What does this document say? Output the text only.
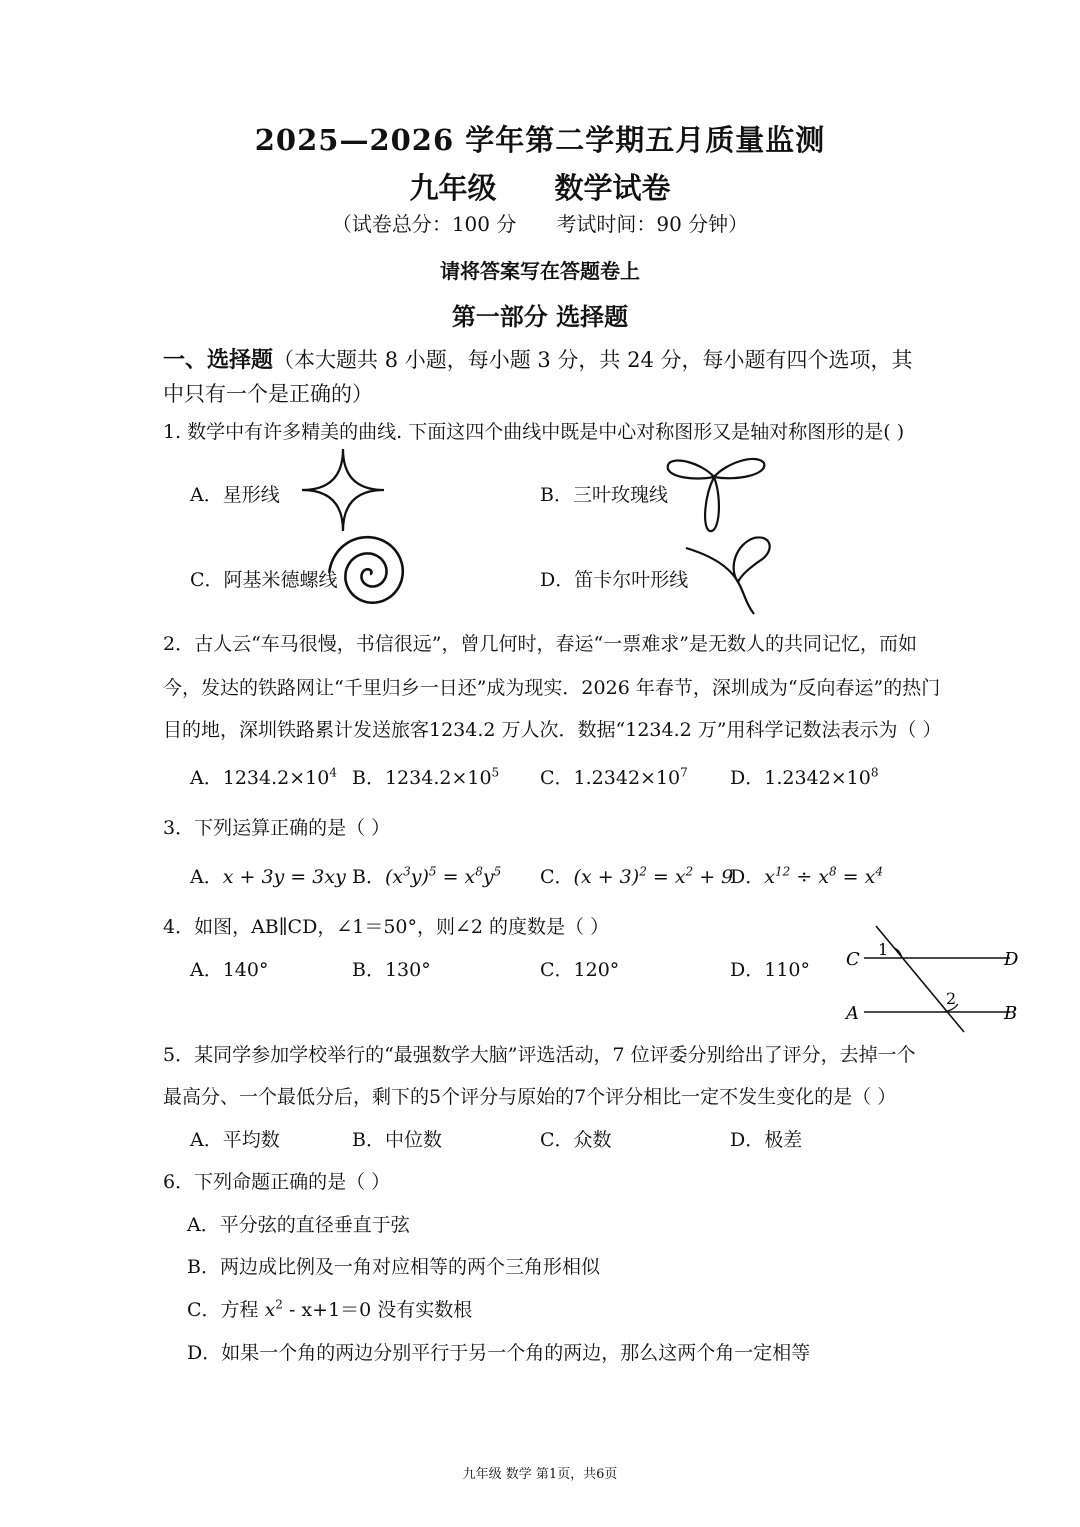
2025—2026 学年第二学期五月质量监测
九年级 数学试卷
（试卷总分：100 分 考试时间：90 分钟）
请将答案写在答题卷上
第一部分 选择题
一、选择题（本大题共 8 小题，每小题 3 分，共 24 分，每小题有四个选项，其中只有一个是正确的）
1. 数学中有许多精美的曲线. 下面这四个曲线中既是中心对称图形又是轴对称图形的是( )
A．星形线	B．三叶玫瑰线
C．阿基米德螺线	D．笛卡尔叶形线
2．古人云“车马很慢，书信很远”，曾几何时，春运“一票难求”是无数人的共同记忆，而如
今，发达的铁路网让“千里归乡一日还”成为现实．2026 年春节，深圳成为“反向春运”的热门
目的地，深圳铁路累计发送旅客1234.2 万人次．数据“1234.2 万”用科学记数法表示为（ ）
A．$1234.2\times 10^4$ B．$1234.2\times 10^5$ C．$1.2342\times 10^7$ D．$1.2342\times 10^8$
3．下列运算正确的是（ ）
A．x + 3y = 3xy B．$(x^3y)^5 = x^8y^5$ C．$(x + 3)^2 = x^2 + 9$
D．$x^{12} \div x^8 = x^4$
4．如图，AB∥CD，∠1＝50°，则∠2 的度数是（ ）
A．140°	B．130°	C．120°	D．110° C	D
A	B
1
2
5．某同学参加学校举行的“最强数学大脑”评选活动，7 位评委分别给出了评分，去掉一个
最高分、一个最低分后，剩下的5个评分与原始的7个评分相比一定不发生变化的是（ ）
A．平均数	B．中位数	C．众数	D．极差
6．下列命题正确的是（ ）
A．平分弦的直径垂直于弦
B．两边成比例及一角对应相等的两个三角形相似
C．方程 $x^2 - x+1=0$ 没有实数根
D．如果一个角的两边分别平行于另一个角的两边，那么这两个角一定相等
九年级 数学 第1页，共6页
